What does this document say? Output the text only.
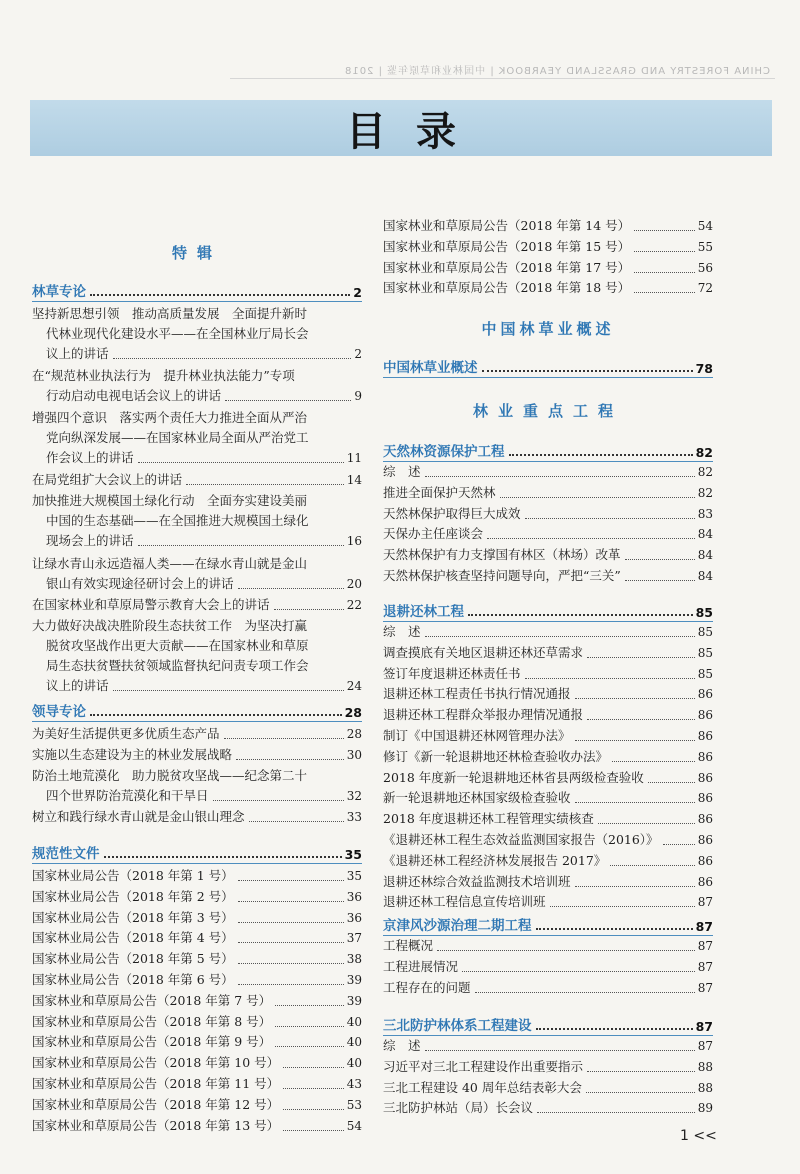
CHINA FORESTRY AND GRASSLAND YEARBOOK | 中国林业和草原年鉴 | 2018
目录
特辑
林草专论	2
坚持新思想引领　推动高质量发展　全面提升新时
代林业现代化建设水平——在全国林业厅局长会
议上的讲话	2
在“规范林业执法行为　提升林业执法能力”专项
行动启动电视电话会议上的讲话	9
增强四个意识　落实两个责任大力推进全面从严治
党向纵深发展——在国家林业局全面从严治党工
作会议上的讲话	11
在局党组扩大会议上的讲话	14
加快推进大规模国土绿化行动　全面夯实建设美丽
中国的生态基础——在全国推进大规模国土绿化
现场会上的讲话	16
让绿水青山永远造福人类——在绿水青山就是金山
银山有效实现途径研讨会上的讲话	20
在国家林业和草原局警示教育大会上的讲话	22
大力做好决战决胜阶段生态扶贫工作　为坚决打赢
脱贫攻坚战作出更大贡献——在国家林业和草原
局生态扶贫暨扶贫领域监督执纪问责专项工作会
议上的讲话	24
领导专论	28
为美好生活提供更多优质生态产品	28
实施以生态建设为主的林业发展战略	30
防治土地荒漠化　助力脱贫攻坚战——纪念第二十
四个世界防治荒漠化和干旱日	32
树立和践行绿水青山就是金山银山理念	33
规范性文件	35
国家林业局公告（2018 年第 1 号）	35
国家林业局公告（2018 年第 2 号）	36
国家林业局公告（2018 年第 3 号）	36
国家林业局公告（2018 年第 4 号）	37
国家林业局公告（2018 年第 5 号）	38
国家林业局公告（2018 年第 6 号）	39
国家林业和草原局公告（2018 年第 7 号）	39
国家林业和草原局公告（2018 年第 8 号）	40
国家林业和草原局公告（2018 年第 9 号）	40
国家林业和草原局公告（2018 年第 10 号）	40
国家林业和草原局公告（2018 年第 11 号）	43
国家林业和草原局公告（2018 年第 12 号）	53
国家林业和草原局公告（2018 年第 13 号）	54
国家林业和草原局公告（2018 年第 14 号）	54
国家林业和草原局公告（2018 年第 15 号）	55
国家林业和草原局公告（2018 年第 17 号）	56
国家林业和草原局公告（2018 年第 18 号）	72
中国林草业概述
中国林草业概述	78
林业重点工程
天然林资源保护工程	82
综　述	82
推进全面保护天然林	82
天然林保护取得巨大成效	83
天保办主任座谈会	84
天然林保护有力支撑国有林区（林场）改革	84
天然林保护核查坚持问题导向，严把“三关”	84
退耕还林工程	85
综　述	85
调查摸底有关地区退耕还林还草需求	85
签订年度退耕还林责任书	85
退耕还林工程责任书执行情况通报	86
退耕还林工程群众举报办理情况通报	86
制订《中国退耕还林网管理办法》	86
修订《新一轮退耕地还林检查验收办法》	86
2018 年度新一轮退耕地还林省县两级检查验收	86
新一轮退耕地还林国家级检查验收	86
2018 年度退耕还林工程管理实绩核查	86
《退耕还林工程生态效益监测国家报告（2016）》	86
《退耕还林工程经济林发展报告 2017》	86
退耕还林综合效益监测技术培训班	86
退耕还林工程信息宣传培训班	87
京津风沙源治理二期工程	87
工程概况	87
工程进展情况	87
工程存在的问题	87
三北防护林体系工程建设	87
综　述	87
习近平对三北工程建设作出重要指示	88
三北工程建设 40 周年总结表彰大会	88
三北防护林站（局）长会议	89
1 <<
